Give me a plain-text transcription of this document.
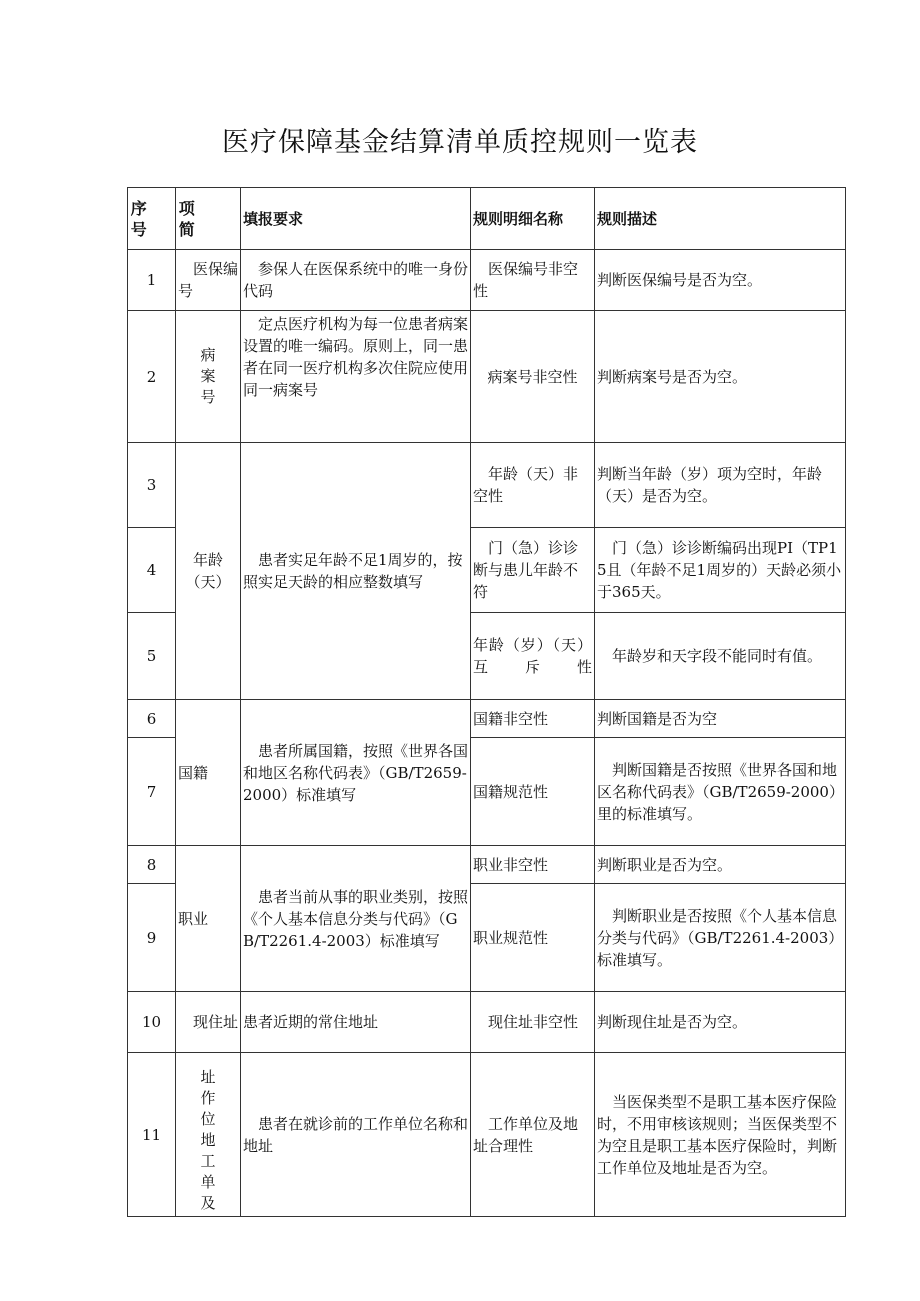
医疗保障基金结算清单质控规则一览表
序号	项简	填报要求	规则明细名称	规则描述
1	医保编号	参保人在医保系统中的唯一身份代码	医保编号非空性	判断医保编号是否为空。
2	病案号	定点医疗机构为每一位患者病案设置的唯一编码。原则上，同一患者在同一医疗机构多次住院应使用同一病案号	病案号非空性	判断病案号是否为空。
3	年龄（天）	患者实足年龄不足1周岁的，按照实足天龄的相应整数填写	年龄（天）非空性	判断当年龄（岁）项为空时，年龄（天）是否为空。
4			门（急）诊诊断与患儿年龄不符	门（急）诊诊断编码出现PI（TP15且（年龄不足1周岁的）天龄必须小于365天。
5			年龄（岁）（天）互斥性	年龄岁和天字段不能同时有值。
6	国籍	患者所属国籍，按照《世界各国和地区名称代码表》（GB/T2659-2000）标准填写	国籍非空性	判断国籍是否为空
7			国籍规范性	判断国籍是否按照《世界各国和地区名称代码表》（GB/T2659-2000）里的标准填写。
8	职业	患者当前从事的职业类别，按照《个人基本信息分类与代码》（GB/T2261.4-2003）标准填写	职业非空性	判断职业是否为空。
9			职业规范性	判断职业是否按照《个人基本信息分类与代码》（GB/T2261.4-2003）标准填写。
10	现住址	患者近期的常住地址	现住址非空性	判断现住址是否为空。
11	址作位地工单及	患者在就诊前的工作单位名称和地址	工作单位及地址合理性	当医保类型不是职工基本医疗保险时，不用审核该规则；当医保类型不为空且是职工基本医疗保险时，判断工作单位及地址是否为空。
